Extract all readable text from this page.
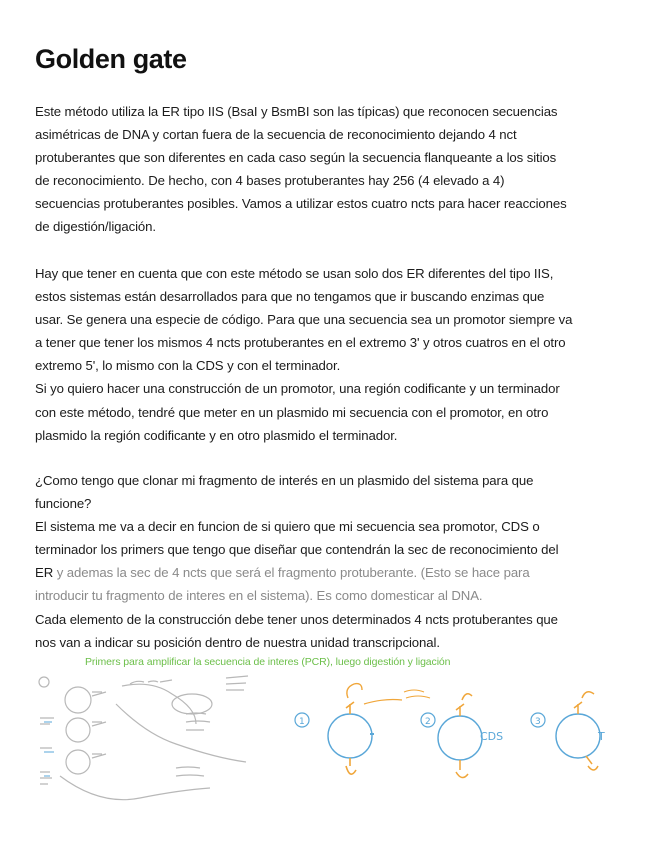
Golden gate
Este método utiliza la ER tipo IIS (BsaI y BsmBI son las típicas) que reconocen secuencias
asimétricas de DNA y cortan fuera de la secuencia de reconocimiento dejando 4 nct
protuberantes que son diferentes en cada caso según la secuencia flanqueante a los sitios
de reconocimiento. De hecho, con 4 bases protuberantes hay 256 (4 elevado a 4)
secuencias protuberantes posibles. Vamos a utilizar estos cuatro ncts para hacer reacciones
de digestión/ligación.
Hay que tener en cuenta que con este método se usan solo dos ER diferentes del tipo IIS,
estos sistemas están desarrollados para que no tengamos que ir buscando enzimas que
usar. Se genera una especie de código. Para que una secuencia sea un promotor siempre va
a tener que tener los mismos 4 ncts protuberantes en el extremo 3' y otros cuatros en el otro
extremo 5', lo mismo con la CDS y con el terminador.
Si yo quiero hacer una construcción de un promotor, una región codificante y un terminador
con este método, tendré que meter en un plasmido mi secuencia con el promotor, en otro
plasmido la región codificante y en otro plasmido el terminador.
¿Como tengo que clonar mi fragmento de interés en un plasmido del sistema para que
funcione?
El sistema me va a decir en funcion de si quiero que mi secuencia sea promotor, CDS o
terminador los primers que tengo que diseñar que contendrán la sec de reconocimiento del
ER y ademas la sec de 4 ncts que será el fragmento protuberante. (Esto se hace para
introducir tu fragmento de interes en el sistema). Es como domesticar al DNA.
Cada elemento de la construcción debe tener unos determinados 4 ncts protuberantes que
nos van a indicar su posición dentro de nuestra unidad transcripcional.
Primers para amplificar la secuencia de interes (PCR), luego digestión y ligación
1	2
CDS
3
T
